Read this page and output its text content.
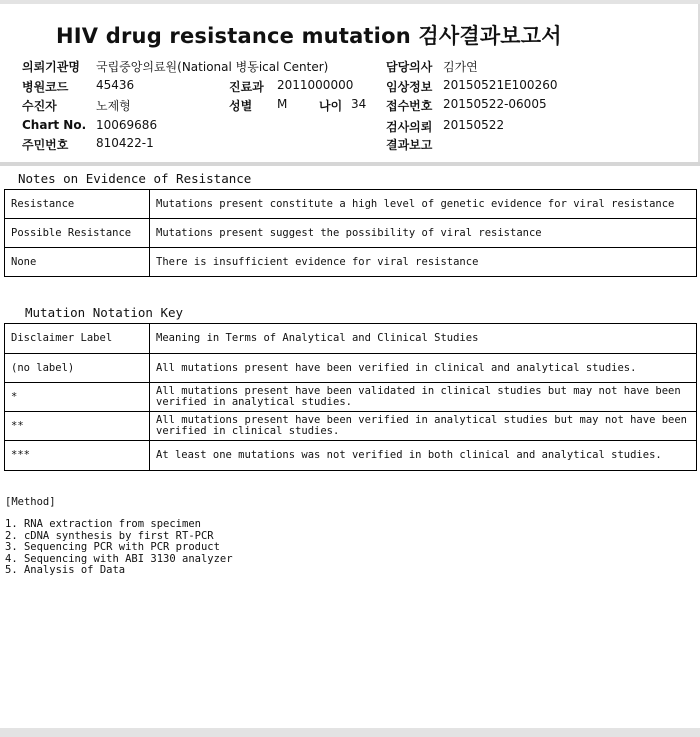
HIV drug resistance mutation 검사결과보고서
의뢰기관명 국립중앙의료원(National 병동ical Center)	담당의사 김가연
병원코드 45436	진료과 2011000000	임상정보 20150521E100260
수진자	노제형	성별 M	나이 34 접수번호 20150522-06005
Chart No. 10069686	검사의뢰 20150522
주민번호 810422-1	결과보고
Notes on Evidence of Resistance
Resistance	Mutations present constitute a high level of genetic evidence for viral resistance
Possible Resistance	Mutations present suggest the possibility of viral resistance
None	There is insufficient evidence for viral resistance
Mutation Notation Key
Disclaimer Label	Meaning in Terms of Analytical and Clinical Studies
(no label)	All mutations present have been verified in clinical and analytical studies.
*	All mutations present have been validated in clinical studies but may not have been verified in analytical studies.
**	All mutations present have been verified in analytical studies but may not have been verified in clinical studies.
***	At least one mutations was not verified in both clinical and analytical studies.
[Method]
1. RNA extraction from specimen
2. cDNA synthesis by first RT-PCR
3. Sequencing PCR with PCR product
4. Sequencing with ABI 3130 analyzer
5. Analysis of Data
